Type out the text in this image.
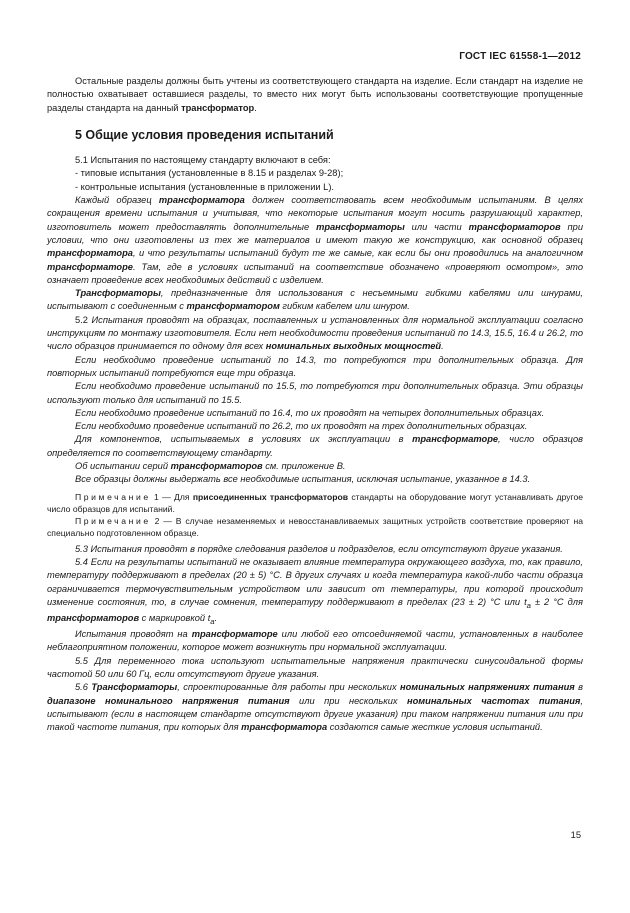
ГОСТ IEC 61558-1—2012

Остальные разделы должны быть учтены из соответствующего стандарта на изделие. Если стандарт на изделие не полностью охватывает оставшиеся разделы, то вместо них могут быть использованы соответствующие пропущенные разделы стандарта на данный трансформатор.

5 Общие условия проведения испытаний

5.1 Испытания по настоящему стандарту включают в себя:

- типовые испытания (установленные в 8.15 и разделах 9-28);

- контрольные испытания (установленные в приложении L).

Каждый образец трансформатора должен соответствовать всем необходимым испытаниям. В целях сокращения времени испытания и учитывая, что некоторые испытания могут носить разрушающий характер, изготовитель может предоставлять дополнительные трансформаторы или части трансформаторов при условии, что они изготовлены из тех же материалов и имеют такую же конструкцию, как основной образец трансформатора, и что результаты испытаний будут те же самые, как если бы они проводились на аналогичном трансформаторе. Там, где в условиях испытаний на соответствие обозначено «проверяют осмотром», это означает проведение всех необходимых действий с изделием.

Трансформаторы, предназначенные для использования с несъемными гибкими кабелями или шнурами, испытывают с соединенным с трансформатором гибким кабелем или шнуром.

5.2 Испытания проводят на образцах, поставленных и установленных для нормальной эксплуатации согласно инструкциям по монтажу изготовителя. Если нет необходимости проведения испытаний по 14.3, 15.5, 16.4 и 26.2, то число образцов принимается по одному для всех номинальных выходных мощностей.

Если необходимо проведение испытаний по 14.3, то потребуются три дополнительных образца. Для повторных испытаний потребуются еще три образца.

Если необходимо проведение испытаний по 15.5, то потребуются три дополнительных образца. Эти образцы используют только для испытаний по 15.5.

Если необходимо проведение испытаний по 16.4, то их проводят на четырех дополнительных образцах.

Если необходимо проведение испытаний по 26.2, то их проводят на трех дополнительных образцах.

Для компонентов, испытываемых в условиях их эксплуатации в трансформаторе, число образцов определяется по соответствующему стандарту.

Об испытании серий трансформаторов см. приложение В.

Все образцы должны выдержать все необходимые испытания, исключая испытание, указанное в 14.3.

Примечание 1 — Для присоединенных трансформаторов стандарты на оборудование могут устанавливать другое число образцов для испытаний.

Примечание 2 — В случае незаменяемых и невосстанавливаемых защитных устройств соответствие проверяют на специально подготовленном образце.

5.3 Испытания проводят в порядке следования разделов и подразделов, если отсутствуют другие указания.

5.4 Если на результаты испытаний не оказывает влияние температура окружающего воздуха, то, как правило, температуру поддерживают в пределах (20 ± 5) °С. В других случаях и когда температура какой-либо части образца ограничивается термочувствительным устройством или зависит от температуры, при которой происходит изменение состояния, то, в случае сомнения, температуру поддерживают в пределах (23 ± 2) °С или $t_a \pm 2$ °С для трансформаторов с маркировкой $t_a$.

Испытания проводят на трансформаторе или любой его отсоединяемой части, установленных в наиболее неблагоприятном положении, которое может возникнуть при нормальной эксплуатации.

5.5 Для переменного тока используют испытательные напряжения практически синусоидальной формы частотой 50 или 60 Гц, если отсутствуют другие указания.

5.6 Трансформаторы, спроектированные для работы при нескольких номинальных напряжениях питания в диапазоне номинального напряжения питания или при нескольких номинальных частотах питания, испытывают (если в настоящем стандарте отсутствуют другие указания) при таком напряжении питания или при такой частоте питания, при которых для трансформатора создаются самые жесткие условия испытаний.

15
